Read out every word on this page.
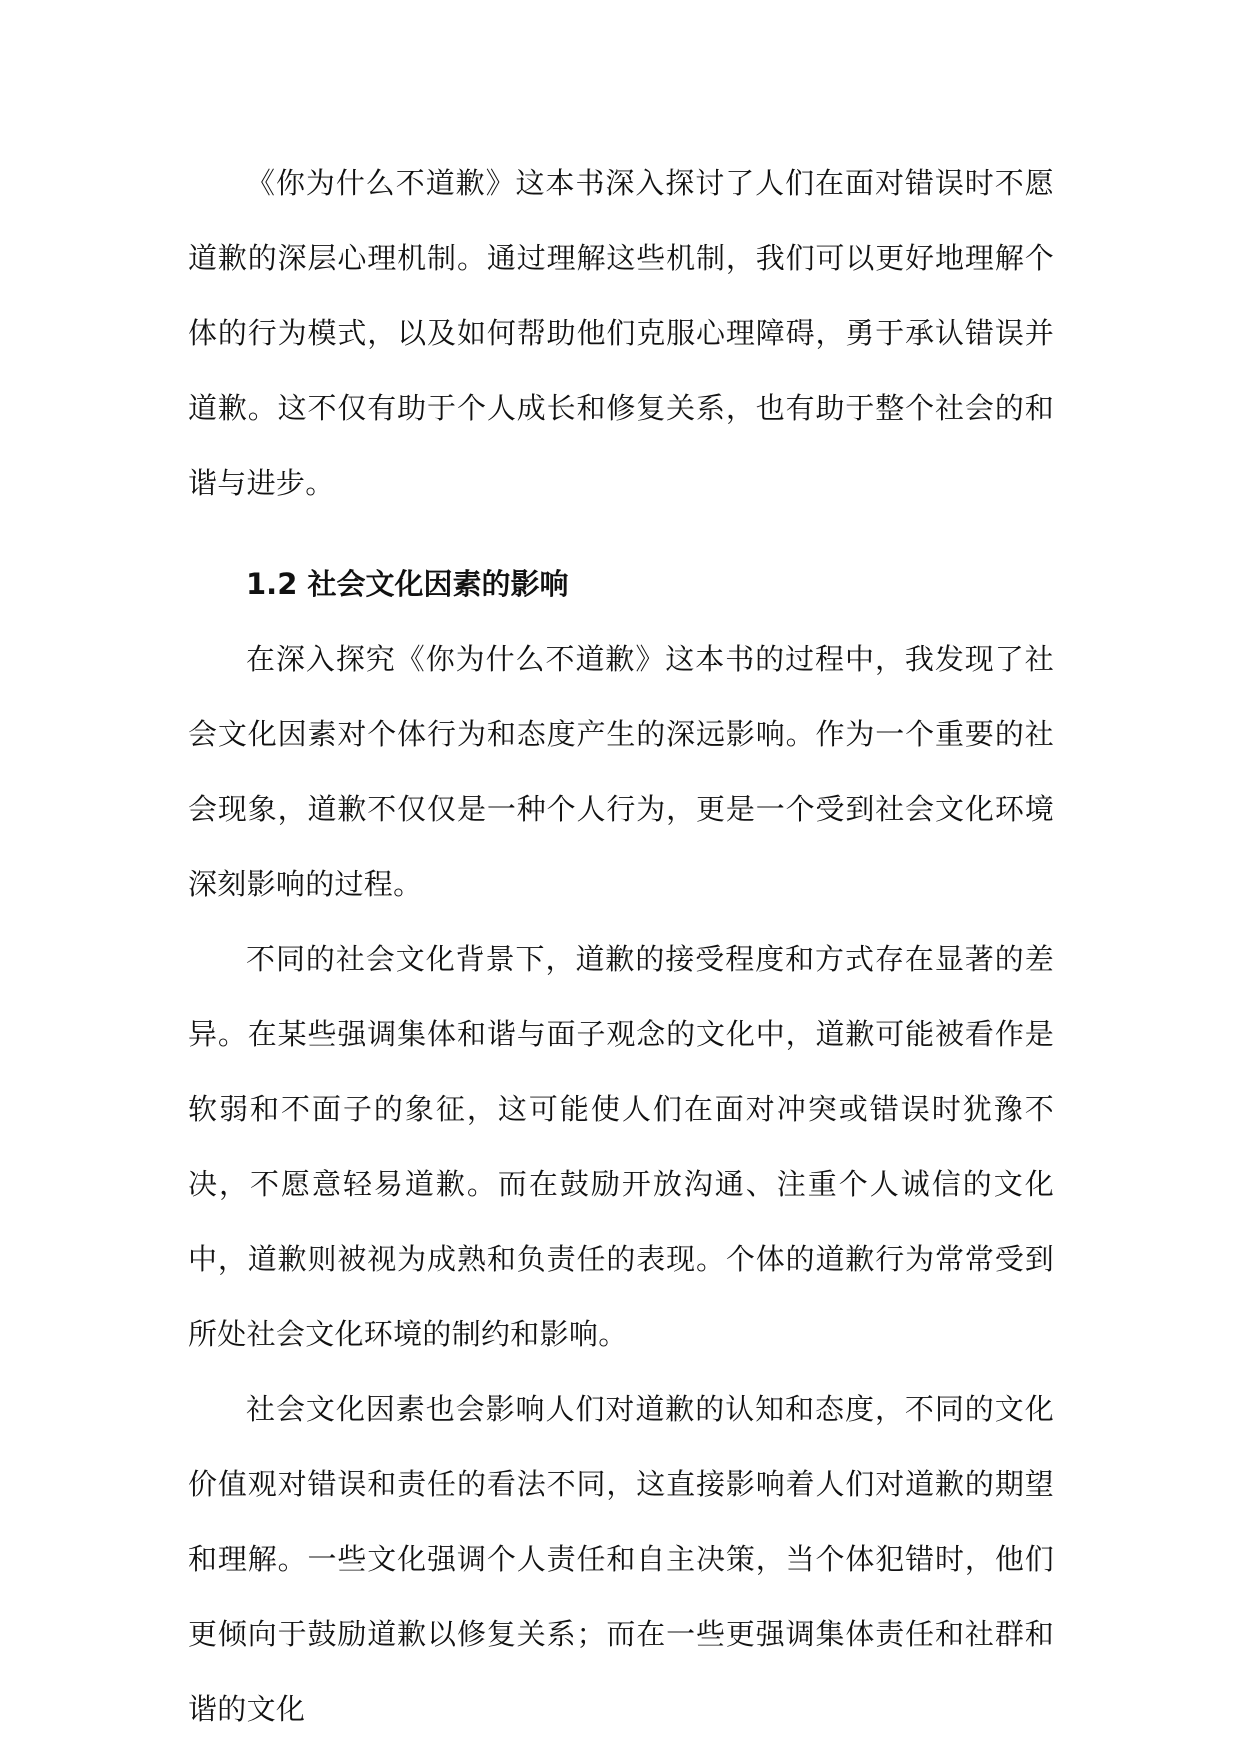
《你为什么不道歉》这本书深入探讨了人们在面对错误时不愿道歉的深层心理机制。通过理解这些机制，我们可以更好地理解个体的行为模式，以及如何帮助他们克服心理障碍，勇于承认错误并道歉。这不仅有助于个人成长和修复关系，也有助于整个社会的和谐与进步。

1.2 社会文化因素的影响

在深入探究《你为什么不道歉》这本书的过程中，我发现了社会文化因素对个体行为和态度产生的深远影响。作为一个重要的社会现象，道歉不仅仅是一种个人行为，更是一个受到社会文化环境深刻影响的过程。

不同的社会文化背景下，道歉的接受程度和方式存在显著的差异。在某些强调集体和谐与面子观念的文化中，道歉可能被看作是软弱和不面子的象征，这可能使人们在面对冲突或错误时犹豫不决，不愿意轻易道歉。而在鼓励开放沟通、注重个人诚信的文化中，道歉则被视为成熟和负责任的表现。个体的道歉行为常常受到所处社会文化环境的制约和影响。

社会文化因素也会影响人们对道歉的认知和态度，不同的文化价值观对错误和责任的看法不同，这直接影响着人们对道歉的期望和理解。一些文化强调个人责任和自主决策，当个体犯错时，他们更倾向于鼓励道歉以修复关系；而在一些更强调集体责任和社群和谐的文化
